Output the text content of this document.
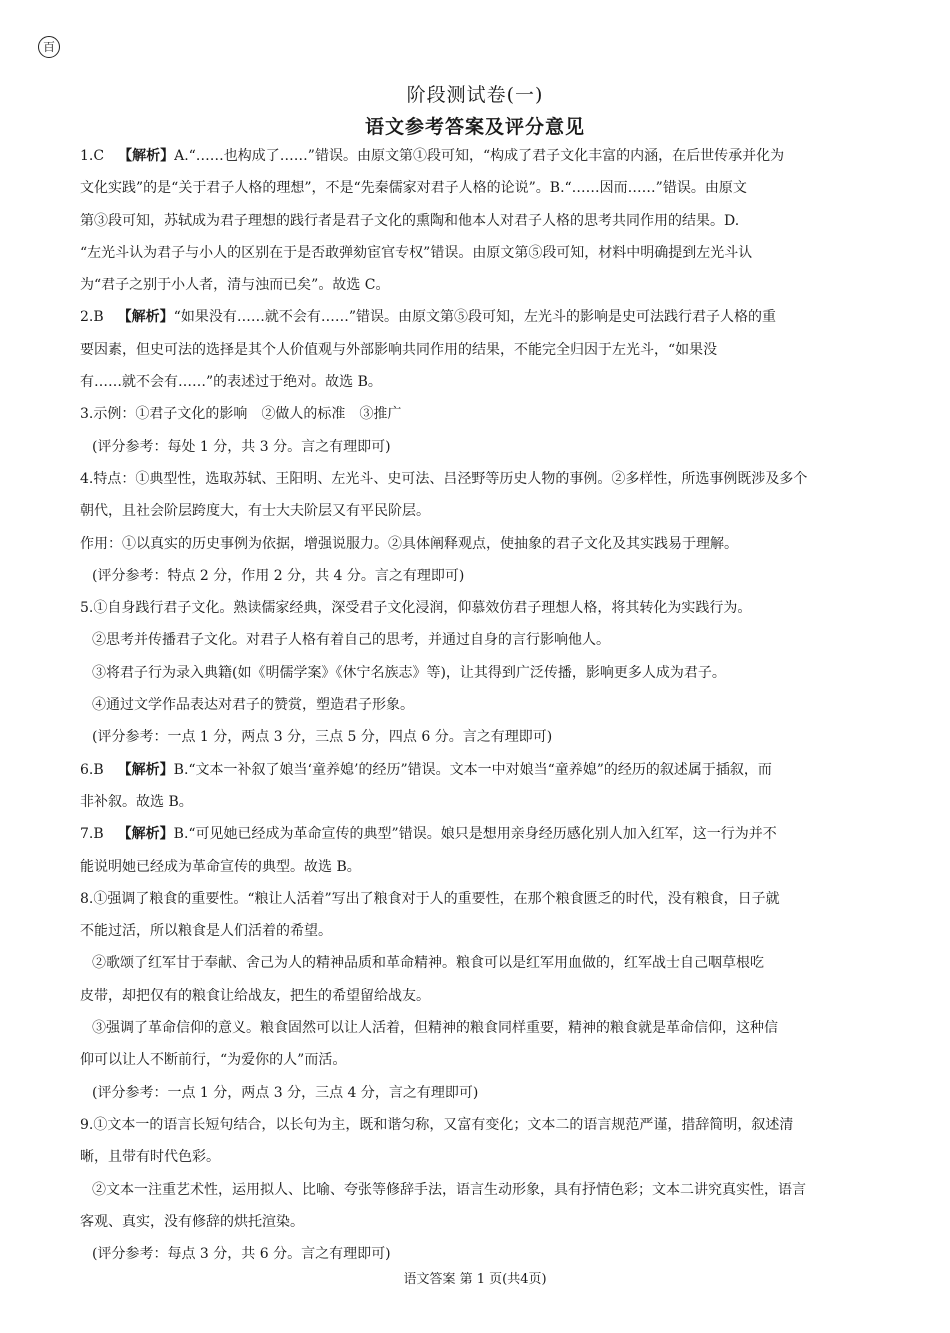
百
阶段测试卷(一)
语文参考答案及评分意见
1.C  【解析】A.“……也构成了……”错误。由原文第①段可知，“构成了君子文化丰富的内涵，在后世传承并化为
文化实践”的是“关于君子人格的理想”，不是“先秦儒家对君子人格的论说”。B.“……因而……”错误。由原文
第③段可知，苏轼成为君子理想的践行者是君子文化的熏陶和他本人对君子人格的思考共同作用的结果。D.
“左光斗认为君子与小人的区别在于是否敢弹劾宦官专权”错误。由原文第⑤段可知，材料中明确提到左光斗认
为“君子之别于小人者，清与浊而已矣”。故选 C。
2.B  【解析】“如果没有……就不会有……”错误。由原文第⑤段可知，左光斗的影响是史可法践行君子人格的重
要因素，但史可法的选择是其个人价值观与外部影响共同作用的结果，不能完全归因于左光斗，“如果没
有……就不会有……”的表述过于绝对。故选 B。
3.示例：①君子文化的影响　②做人的标准　③推广
(评分参考：每处 1 分，共 3 分。言之有理即可)
4.特点：①典型性，选取苏轼、王阳明、左光斗、史可法、吕泾野等历史人物的事例。②多样性，所选事例既涉及多个
朝代，且社会阶层跨度大，有士大夫阶层又有平民阶层。
作用：①以真实的历史事例为依据，增强说服力。②具体阐释观点，使抽象的君子文化及其实践易于理解。
(评分参考：特点 2 分，作用 2 分，共 4 分。言之有理即可)
5.①自身践行君子文化。熟读儒家经典，深受君子文化浸润，仰慕效仿君子理想人格，将其转化为实践行为。
②思考并传播君子文化。对君子人格有着自己的思考，并通过自身的言行影响他人。
③将君子行为录入典籍(如《明儒学案》《休宁名族志》等)，让其得到广泛传播，影响更多人成为君子。
④通过文学作品表达对君子的赞赏，塑造君子形象。
(评分参考：一点 1 分，两点 3 分，三点 5 分，四点 6 分。言之有理即可)
6.B  【解析】B.“文本一补叙了娘当‘童养媳’的经历”错误。文本一中对娘当“童养媳”的经历的叙述属于插叙，而
非补叙。故选 B。
7.B  【解析】B.“可见她已经成为革命宣传的典型”错误。娘只是想用亲身经历感化别人加入红军，这一行为并不
能说明她已经成为革命宣传的典型。故选 B。
8.①强调了粮食的重要性。“粮让人活着”写出了粮食对于人的重要性，在那个粮食匮乏的时代，没有粮食，日子就
不能过活，所以粮食是人们活着的希望。
②歌颂了红军甘于奉献、舍己为人的精神品质和革命精神。粮食可以是红军用血做的，红军战士自己咽草根吃
皮带，却把仅有的粮食让给战友，把生的希望留给战友。
③强调了革命信仰的意义。粮食固然可以让人活着，但精神的粮食同样重要，精神的粮食就是革命信仰，这种信
仰可以让人不断前行，“为爱你的人”而活。
(评分参考：一点 1 分，两点 3 分，三点 4 分，言之有理即可)
9.①文本一的语言长短句结合，以长句为主，既和谐匀称，又富有变化；文本二的语言规范严谨，措辞简明，叙述清
晰，且带有时代色彩。
②文本一注重艺术性，运用拟人、比喻、夸张等修辞手法，语言生动形象，具有抒情色彩；文本二讲究真实性，语言
客观、真实，没有修辞的烘托渲染。
(评分参考：每点 3 分，共 6 分。言之有理即可)
语文答案 第 1 页(共4页)
